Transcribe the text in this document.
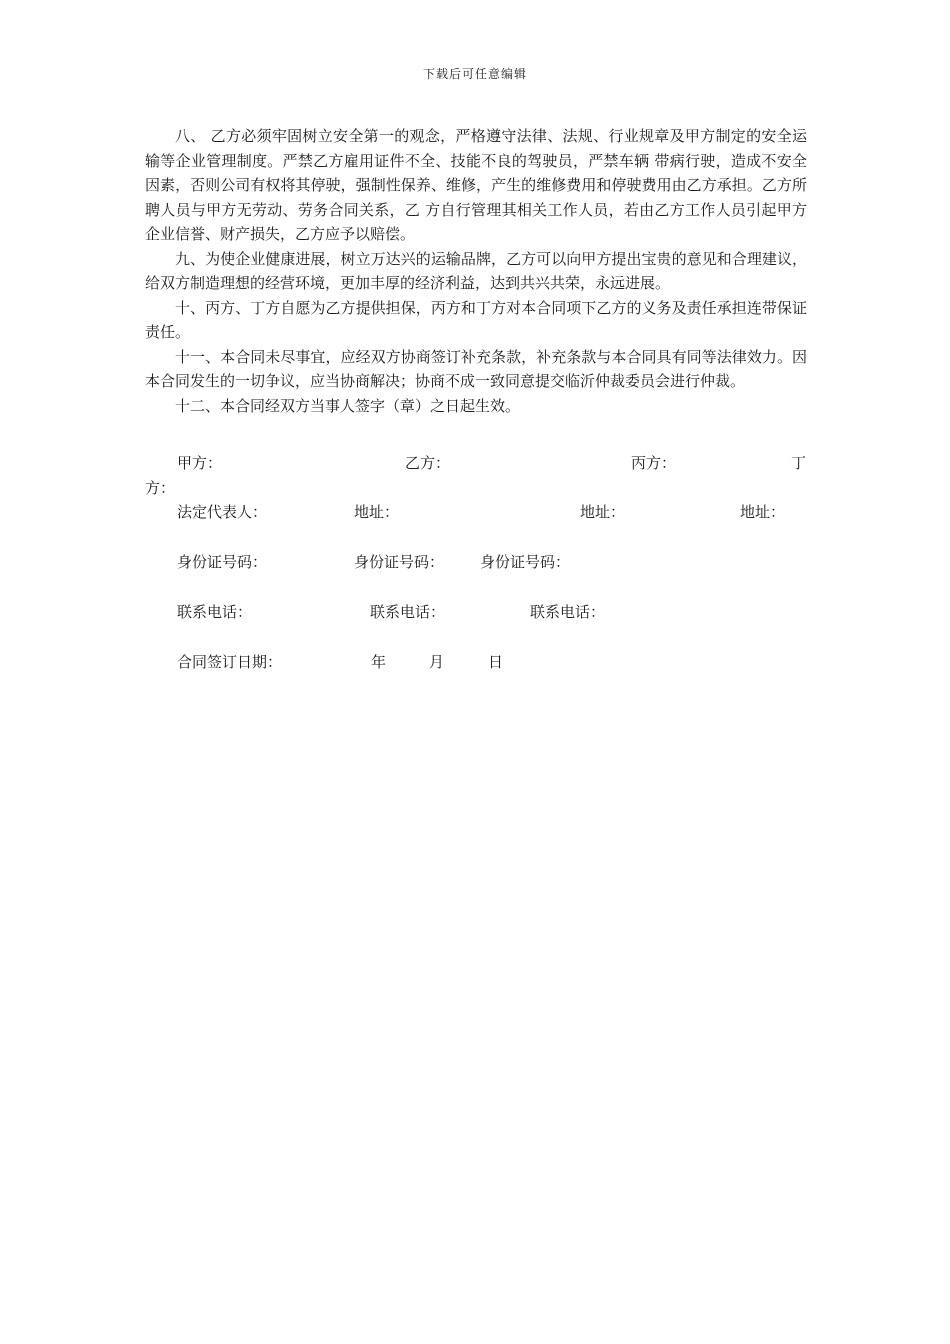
下载后可任意编辑

八、 乙方必须牢固树立安全第一的观念，严格遵守法律、法规、行业规章及甲方制定的安全运输等企业管理制度。严禁乙方雇用证件不全、技能不良的驾驶员，严禁车辆 带病行驶，造成不安全因素，否则公司有权将其停驶，强制性保养、维修，产生的维修费用和停驶费用由乙方承担。乙方所聘人员与甲方无劳动、劳务合同关系，乙 方自行管理其相关工作人员，若由乙方工作人员引起甲方企业信誉、财产损失，乙方应予以赔偿。

九、为使企业健康进展，树立万达兴的运输品牌，乙方可以向甲方提出宝贵的意见和合理建议，给双方制造理想的经营环境，更加丰厚的经济利益，达到共兴共荣，永远进展。

十、丙方、丁方自愿为乙方提供担保，丙方和丁方对本合同项下乙方的义务及责任承担连带保证责任。

十一、本合同未尽事宜，应经双方协商签订补充条款，补充条款与本合同具有同等法律效力。因本合同发生的一切争议，应当协商解决；协商不成一致同意提交临沂仲裁委员会进行仲裁。

十二、本合同经双方当事人签字（章）之日起生效。

甲方：	乙方：	丙方：	丁
方：
法定代表人：	地址：	地址：	地址：
身份证号码：	身份证号码： 身份证号码：
联系电话：	联系电话：	联系电话：
合同签订日期：	年	月	日
